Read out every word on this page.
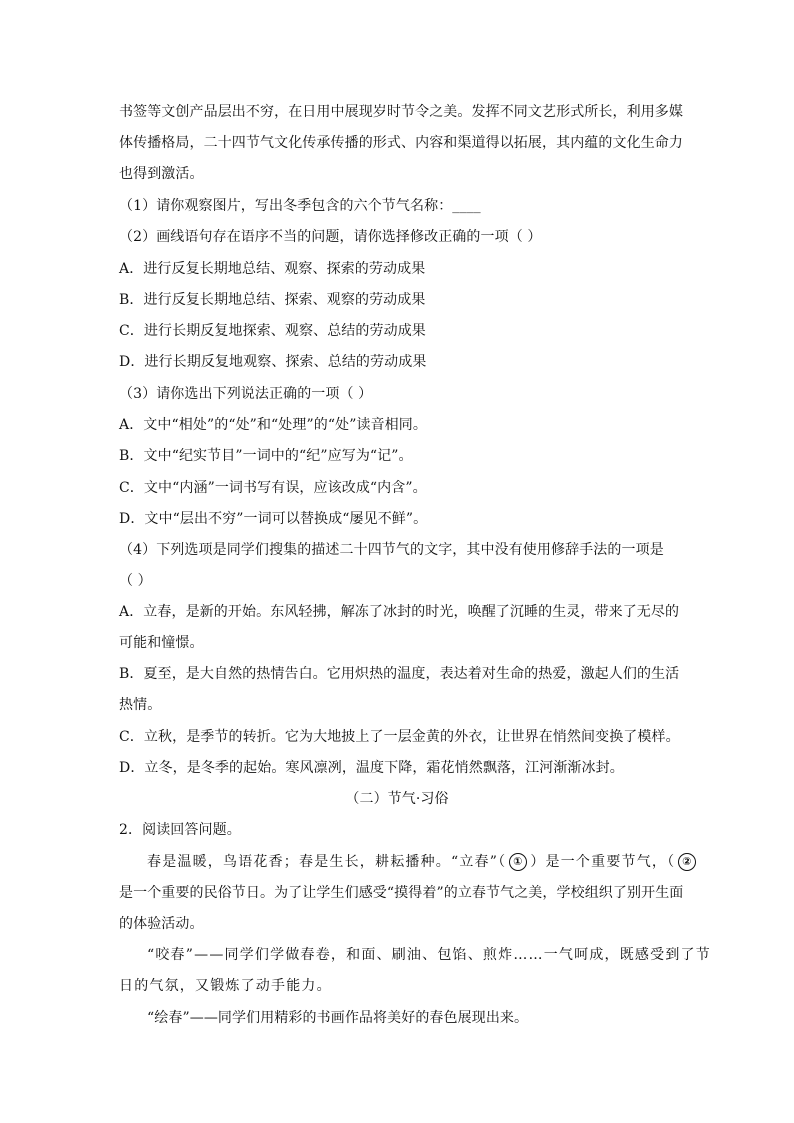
书签等文创产品层出不穷，在日用中展现岁时节令之美。发挥不同文艺形式所长，利用多媒
体传播格局，二十四节气文化传承传播的形式、内容和渠道得以拓展，其内蕴的文化生命力
也得到激活。
（1）请你观察图片，写出冬季包含的六个节气名称：____
（2）画线语句存在语序不当的问题，请你选择修改正确的一项（ ）
A．进行反复长期地总结、观察、探索的劳动成果
B．进行反复长期地总结、探索、观察的劳动成果
C．进行长期反复地探索、观察、总结的劳动成果
D．进行长期反复地观察、探索、总结的劳动成果
（3）请你选出下列说法正确的一项（ ）
A．文中“相处”的“处”和“处理”的“处”读音相同。
B．文中“纪实节目”一词中的“纪”应写为“记”。
C．文中“内涵”一词书写有误，应该改成“内含”。
D．文中“层出不穷”一词可以替换成“屡见不鲜”。
（4）下列选项是同学们搜集的描述二十四节气的文字，其中没有使用修辞手法的一项是
（ ）
A．立春，是新的开始。东风轻拂，解冻了冰封的时光，唤醒了沉睡的生灵，带来了无尽的
可能和憧憬。
B．夏至，是大自然的热情告白。它用炽热的温度，表达着对生命的热爱，激起人们的生活
热情。
C．立秋，是季节的转折。它为大地披上了一层金黄的外衣，让世界在悄然间变换了模样。
D．立冬，是冬季的起始。寒风凛冽，温度下降，霜花悄然飘落，江河渐渐冰封。
（二）节气·习俗
2．阅读回答问题。
春是温暖，鸟语花香；春是生长，耕耘播种。“立春”（ ① ）是一个重要节气，（ ②
是一个重要的民俗节日。为了让学生们感受“摸得着”的立春节气之美，学校组织了别开生面
的体验活动。
“咬春”——同学们学做春卷，和面、刷油、包馅、煎炸……一气呵成，既感受到了节
日的气氛，又锻炼了动手能力。
“绘春”——同学们用精彩的书画作品将美好的春色展现出来。
